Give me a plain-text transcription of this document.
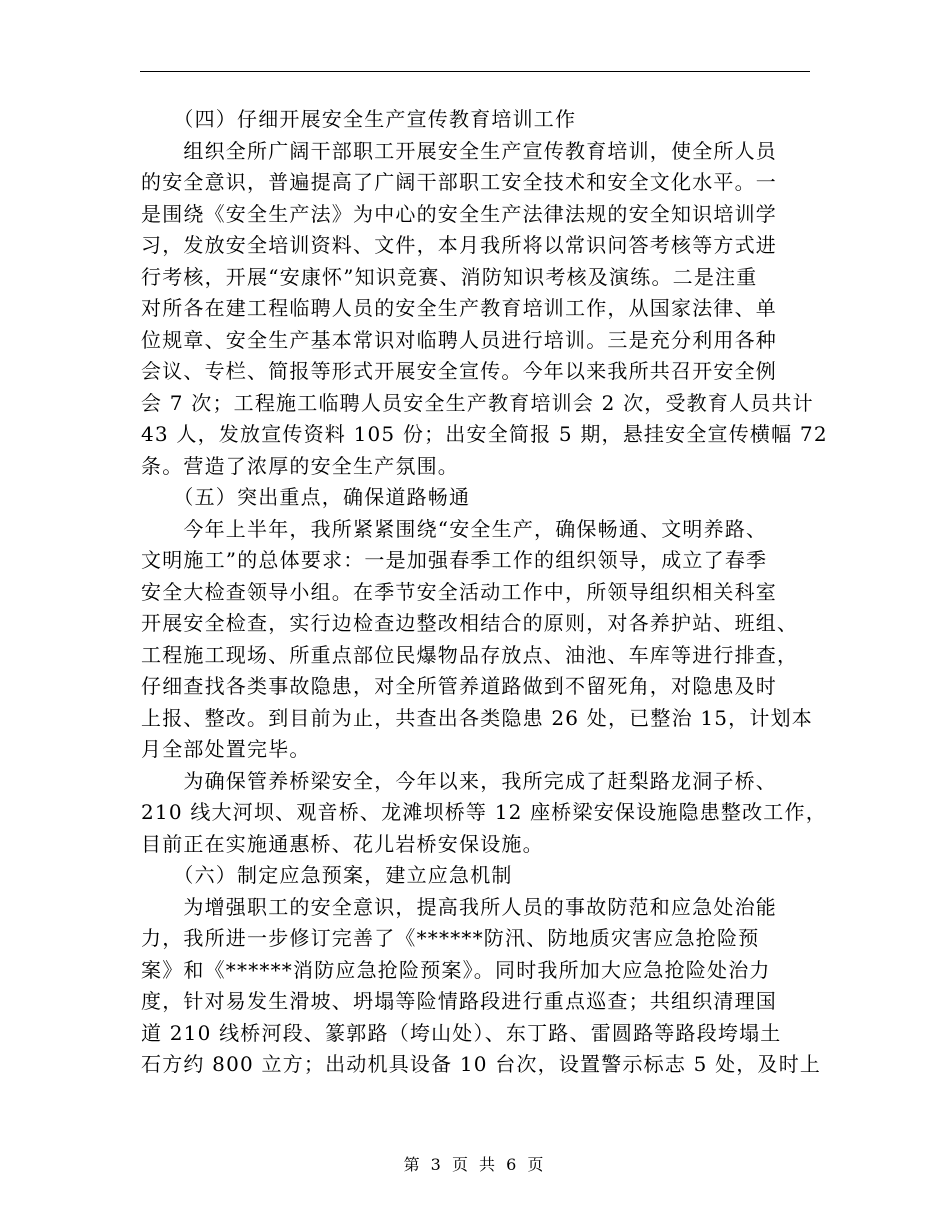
　　（四）仔细开展安全生产宣传教育培训工作
　　组织全所广阔干部职工开展安全生产宣传教育培训，使全所人员
的安全意识，普遍提高了广阔干部职工安全技术和安全文化水平。一
是围绕《安全生产法》为中心的安全生产法律法规的安全知识培训学
习，发放安全培训资料、文件，本月我所将以常识问答考核等方式进
行考核，开展“安康怀”知识竞赛、消防知识考核及演练。二是注重
对所各在建工程临聘人员的安全生产教育培训工作，从国家法律、单
位规章、安全生产基本常识对临聘人员进行培训。三是充分利用各种
会议、专栏、简报等形式开展安全宣传。今年以来我所共召开安全例
会 7 次；工程施工临聘人员安全生产教育培训会 2 次，受教育人员共计
43 人，发放宣传资料 105 份；出安全简报 5 期，悬挂安全宣传横幅 72
条。营造了浓厚的安全生产氛围。
　　（五）突出重点，确保道路畅通
　　今年上半年，我所紧紧围绕“安全生产，确保畅通、文明养路、
文明施工”的总体要求：一是加强春季工作的组织领导，成立了春季
安全大检查领导小组。在季节安全活动工作中，所领导组织相关科室
开展安全检查，实行边检查边整改相结合的原则，对各养护站、班组、
工程施工现场、所重点部位民爆物品存放点、油池、车库等进行排查，
仔细查找各类事故隐患，对全所管养道路做到不留死角，对隐患及时
上报、整改。到目前为止，共查出各类隐患 26 处，已整治 15，计划本
月全部处置完毕。
　　为确保管养桥梁安全，今年以来，我所完成了赶梨路龙洞子桥、
210 线大河坝、观音桥、龙滩坝桥等 12 座桥梁安保设施隐患整改工作，
目前正在实施通惠桥、花儿岩桥安保设施。
　　（六）制定应急预案，建立应急机制
　　为增强职工的安全意识，提高我所人员的事故防范和应急处治能
力，我所进一步修订完善了《******防汛、防地质灾害应急抢险预
案》和《******消防应急抢险预案》。同时我所加大应急抢险处治力
度，针对易发生滑坡、坍塌等险情路段进行重点巡查；共组织清理国
道 210 线桥河段、篆郭路（垮山处）、东丁路、雷圆路等路段垮塌土
石方约 800 立方；出动机具设备 10 台次，设置警示标志 5 处，及时上
第 3 页 共 6 页
